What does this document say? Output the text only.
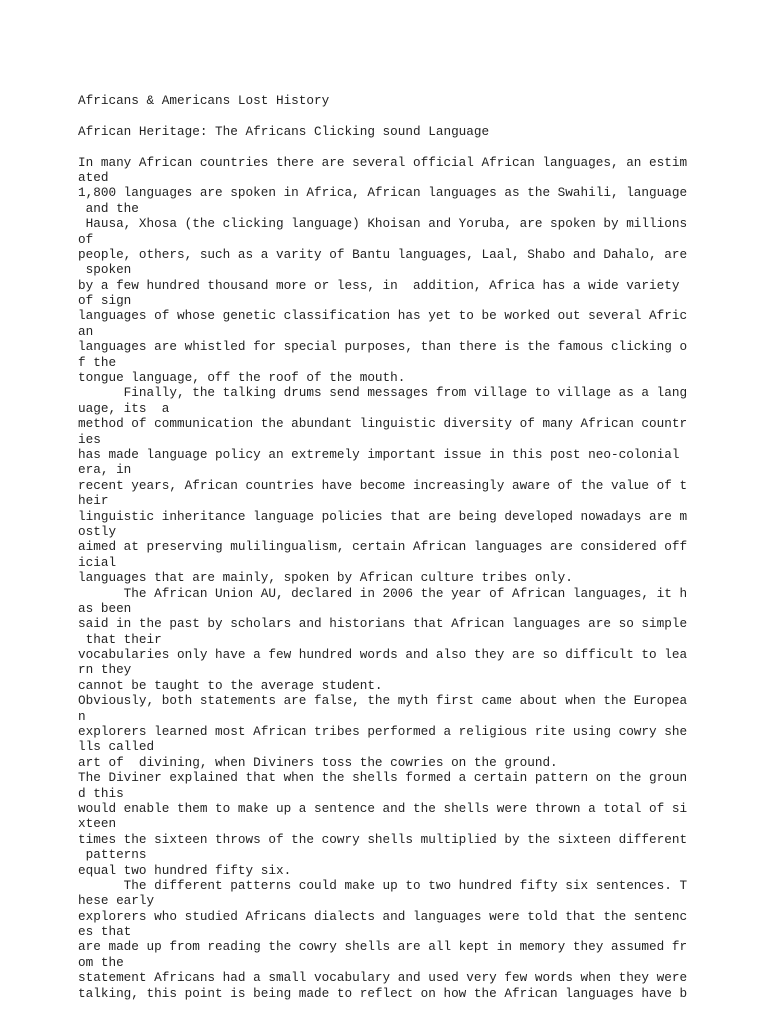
Africans & Americans Lost History
African Heritage: The Africans Clicking sound Language
In many African countries there are several official African languages, an estim
ated
1,800 languages are spoken in Africa, African languages as the Swahili, language
and the
Hausa, Xhosa (the clicking language) Khoisan and Yoruba, are spoken by millions
of
people, others, such as a varity of Bantu languages, Laal, Shabo and Dahalo, are
spoken
by a few hundred thousand more or less, in  addition, Africa has a wide variety
of sign
languages of whose genetic classification has yet to be worked out several Afric
an
languages are whistled for special purposes, than there is the famous clicking o
f the
tongue language, off the roof of the mouth.
Finally, the talking drums send messages from village to village as a lang
uage, its  a
method of communication the abundant linguistic diversity of many African countr
ies
has made language policy an extremely important issue in this post neo-colonial
era, in
recent years, African countries have become increasingly aware of the value of t
heir
linguistic inheritance language policies that are being developed nowadays are m
ostly
aimed at preserving mulilingualism, certain African languages are considered off
icial
languages that are mainly, spoken by African culture tribes only.
The African Union AU, declared in 2006 the year of African languages, it h
as been
said in the past by scholars and historians that African languages are so simple
that their
vocabularies only have a few hundred words and also they are so difficult to lea
rn they
cannot be taught to the average student.
Obviously, both statements are false, the myth first came about when the Europea
n
explorers learned most African tribes performed a religious rite using cowry she
lls called
art of  divining, when Diviners toss the cowries on the ground.
The Diviner explained that when the shells formed a certain pattern on the groun
d this
would enable them to make up a sentence and the shells were thrown a total of si
xteen
times the sixteen throws of the cowry shells multiplied by the sixteen different
patterns
equal two hundred fifty six.
The different patterns could make up to two hundred fifty six sentences. T
hese early
explorers who studied Africans dialects and languages were told that the sentenc
es that
are made up from reading the cowry shells are all kept in memory they assumed fr
om the
statement Africans had a small vocabulary and used very few words when they were
talking, this point is being made to reflect on how the African languages have b
